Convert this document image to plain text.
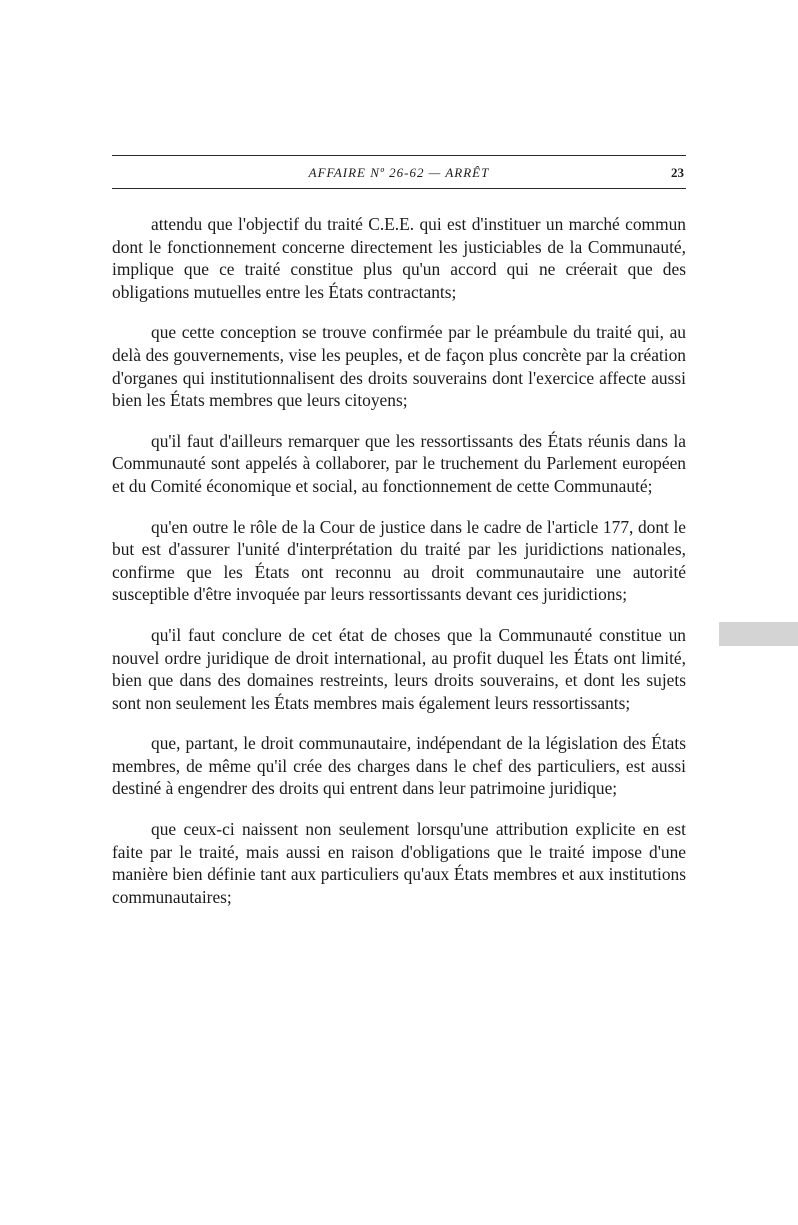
AFFAIRE Nº 26-62 — ARRÊT	23

attendu que l'objectif du traité C.E.E. qui est d'instituer un marché commun dont le fonctionnement concerne directement les justiciables de la Communauté, implique que ce traité constitue plus qu'un accord qui ne créerait que des obligations mutuelles entre les États contractants;

que cette conception se trouve confirmée par le préambule du traité qui, au delà des gouvernements, vise les peuples, et de façon plus concrète par la création d'organes qui institutionnalisent des droits souverains dont l'exercice affecte aussi bien les États membres que leurs citoyens;

qu'il faut d'ailleurs remarquer que les ressortissants des États réunis dans la Communauté sont appelés à collaborer, par le truchement du Parlement européen et du Comité économique et social, au fonctionnement de cette Communauté;

qu'en outre le rôle de la Cour de justice dans le cadre de l'article 177, dont le but est d'assurer l'unité d'interprétation du traité par les juridictions nationales, confirme que les États ont reconnu au droit communautaire une autorité susceptible d'être invoquée par leurs ressortissants devant ces juridictions;

qu'il faut conclure de cet état de choses que la Communauté constitue un nouvel ordre juridique de droit international, au profit duquel les États ont limité, bien que dans des domaines restreints, leurs droits souverains, et dont les sujets sont non seulement les États membres mais également leurs ressortissants;

que, partant, le droit communautaire, indépendant de la législation des États membres, de même qu'il crée des charges dans le chef des particuliers, est aussi destiné à engendrer des droits qui entrent dans leur patrimoine juridique;

que ceux-ci naissent non seulement lorsqu'une attribution explicite en est faite par le traité, mais aussi en raison d'obligations que le traité impose d'une manière bien définie tant aux particuliers qu'aux États membres et aux institutions communautaires;
